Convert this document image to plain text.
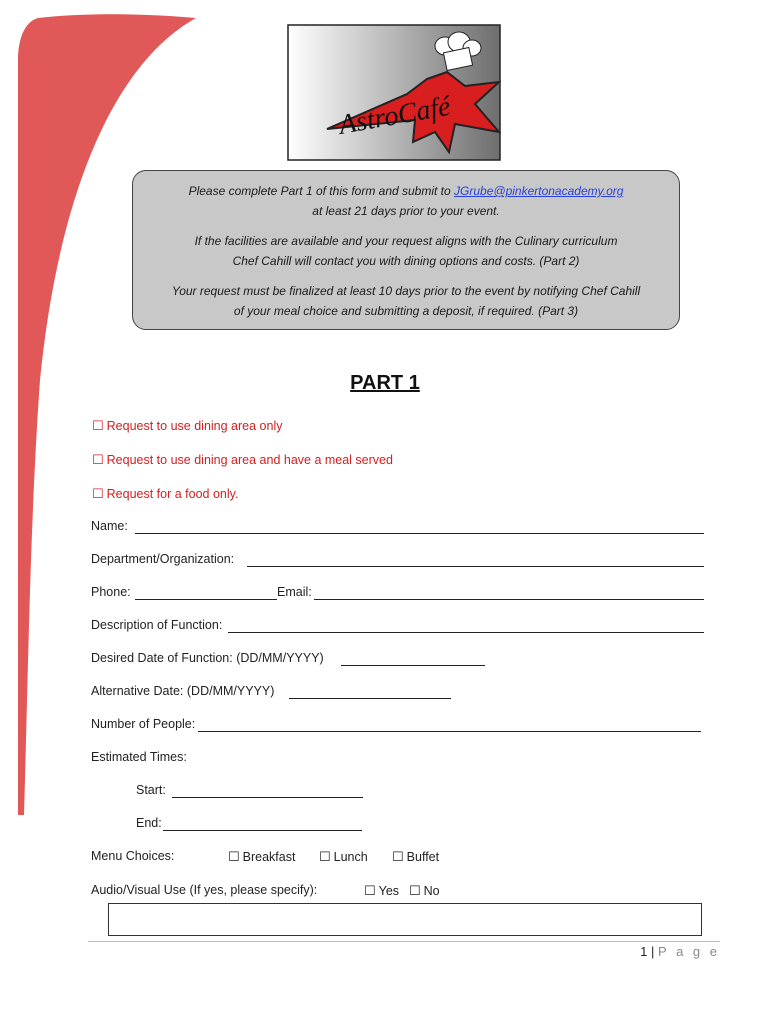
AstroCafé

Please complete Part 1 of this form and submit to JGrube@pinkertonacademy.org
at least 21 days prior to your event.

If the facilities are available and your request aligns with the Culinary curriculum
Chef Cahill will contact you with dining options and costs. (Part 2)

Your request must be finalized at least 10 days prior to the event by notifying Chef Cahill
of your meal choice and submitting a deposit, if required. (Part 3)

PART 1
☐ Request to use dining area only
☐ Request to use dining area and have a meal served
☐ Request for a food only.
Name:
Department/Organization:
Phone:	Email:
Description of Function:
Desired Date of Function: (DD/MM/YYYY)
Alternative Date: (DD/MM/YYYY)
Number of People:
Estimated Times:
Start:
End:
Menu Choices:	☐ Breakfast ☐ Lunch ☐ Buffet
Audio/Visual Use (If yes, please specify):	☐ Yes ☐ No
1 | P a g e
